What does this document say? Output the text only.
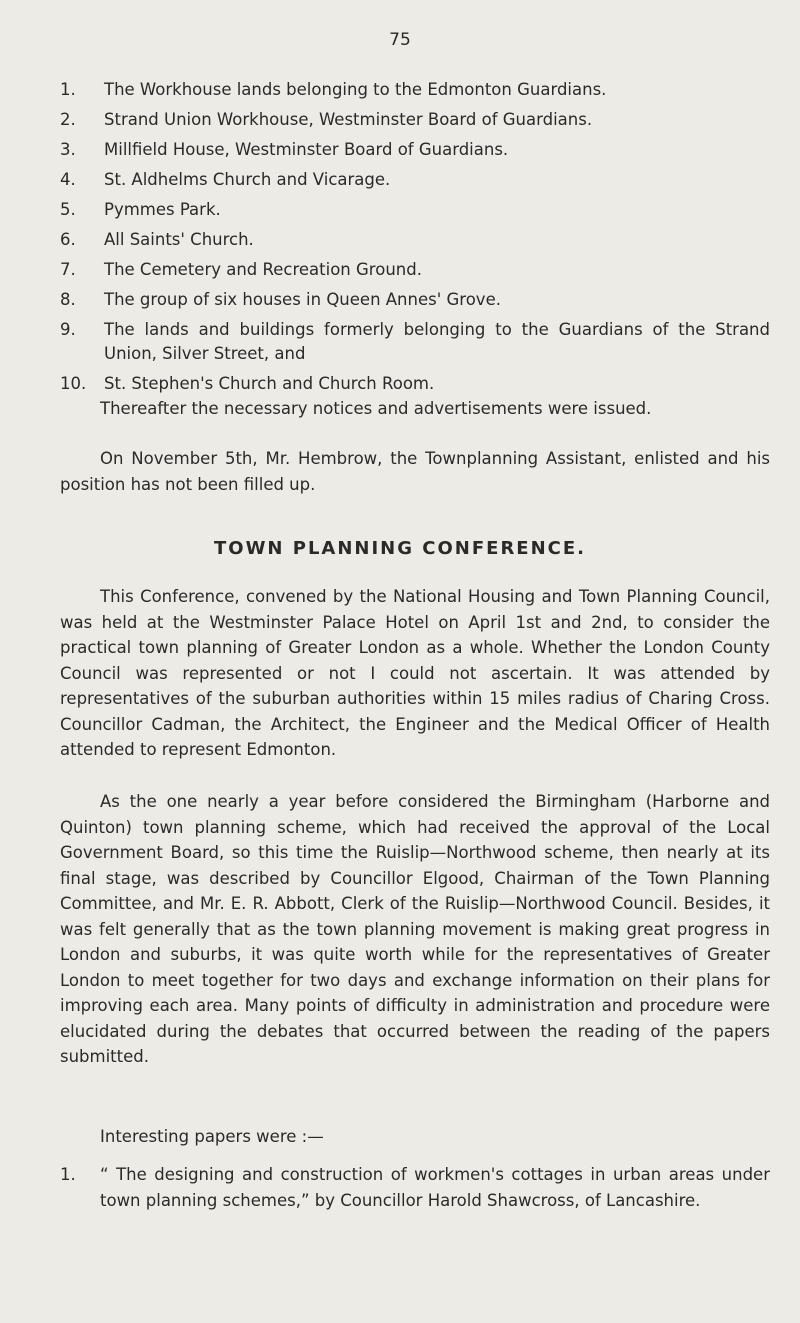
75
1.	The Workhouse lands belonging to the Edmonton Guardians.
2.	Strand Union Workhouse, Westminster Board of Guardians.
3.	Millfield House, Westminster Board of Guardians.
4.	St. Aldhelms Church and Vicarage.
5.	Pymmes Park.
6.	All Saints' Church.
7.	The Cemetery and Recreation Ground.
8.	The group of six houses in Queen Annes' Grove.
9.	The lands and buildings formerly belonging to the Guardians of the Strand Union, Silver Street, and
10.	St. Stephen's Church and Church Room.
Thereafter the necessary notices and advertisements were issued.
On November 5th, Mr. Hembrow, the Townplanning Assistant, enlisted and his position has not been filled up.
TOWN PLANNING CONFERENCE.
This Conference, convened by the National Housing and Town Planning Council, was held at the Westminster Palace Hotel on April 1st and 2nd, to consider the practical town planning of Greater London as a whole. Whether the London County Council was represented or not I could not ascertain. It was attended by representatives of the suburban authorities within 15 miles radius of Charing Cross. Councillor Cadman, the Architect, the Engineer and the Medical Officer of Health attended to represent Edmonton.
As the one nearly a year before considered the Birmingham (Harborne and Quinton) town planning scheme, which had received the approval of the Local Government Board, so this time the Ruislip—Northwood scheme, then nearly at its final stage, was described by Councillor Elgood, Chairman of the Town Planning Committee, and Mr. E. R. Abbott, Clerk of the Ruislip—Northwood Council. Besides, it was felt generally that as the town planning movement is making great progress in London and suburbs, it was quite worth while for the representatives of Greater London to meet together for two days and exchange information on their plans for improving each area. Many points of difficulty in administration and procedure were elucidated during the debates that occurred between the reading of the papers submitted.
Interesting papers were :—
1.	“ The designing and construction of workmen's cottages in urban areas under town planning schemes,” by Councillor Harold Shawcross, of Lancashire.
